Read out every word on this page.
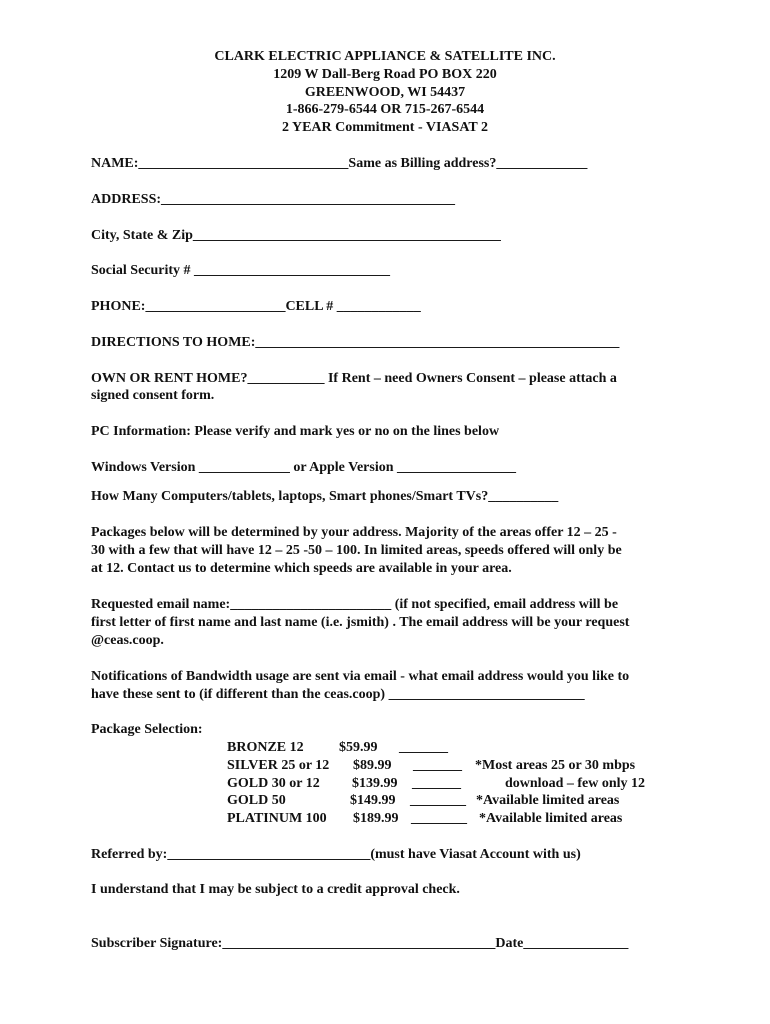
CLARK ELECTRIC APPLIANCE & SATELLITE INC.
1209 W Dall-Berg Road PO BOX 220
GREENWOOD, WI 54437
1-866-279-6544 OR 715-267-6544
2 YEAR Commitment - VIASAT 2
NAME:______________________________Same as Billing address?_____________
ADDRESS:__________________________________________
City, State & Zip____________________________________________
Social Security # ____________________________
PHONE:____________________CELL # ____________
DIRECTIONS TO HOME:____________________________________________________
OWN OR RENT HOME?___________ If Rent – need Owners Consent – please attach a
signed consent form.
PC Information: Please verify and mark yes or no on the lines below
Windows Version _____________ or Apple Version _________________
How Many Computers/tablets, laptops, Smart phones/Smart TVs?__________
Packages below will be determined by your address. Majority of the areas offer 12 – 25 -
30 with a few that will have 12 – 25 -50 – 100. In limited areas, speeds offered will only be
at 12. Contact us to determine which speeds are available in your area.
Requested email name:_______________________ (if not specified, email address will be
first letter of first name and last name (i.e. jsmith) . The email address will be your request
@ceas.coop.
Notifications of Bandwidth usage are sent via email - what email address would you like to
have these sent to (if different than the ceas.coop) ____________________________
Package Selection:
BRONZE 12	$59.99 _______
SILVER 25 or 12 $89.99 _______ *Most areas 25 or 30 mbps
GOLD 30 or 12 $139.99 _______	download – few only 12
GOLD 50	$149.99 ________ *Available limited areas
PLATINUM 100 $189.99 ________ *Available limited areas
Referred by:_____________________________(must have Viasat Account with us)
I understand that I may be subject to a credit approval check.
Subscriber Signature:_______________________________________Date_______________
